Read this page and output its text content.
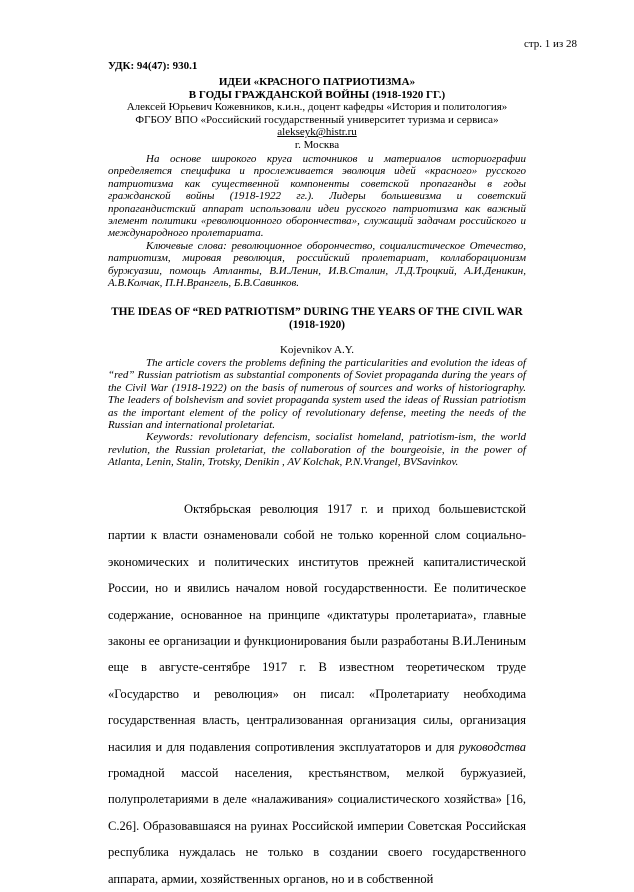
стр. 1 из 28
УДК: 94(47): 930.1
ИДЕИ «КРАСНОГО ПАТРИОТИЗМА»
В ГОДЫ ГРАЖДАНСКОЙ ВОЙНЫ (1918-1920 ГГ.)
Алексей Юрьевич Кожевников, к.и.н., доцент кафедры «История и политология»
ФГБОУ ВПО «Российский государственный университет туризма и сервиса»
alekseyk@histr.ru
г. Москва

На основе широкого круга источников и материалов историографии определяется специфика и прослеживается эволюция идей «красного» русского патриотизма как существенной компоненты советской пропаганды в годы гражданской войны (1918-1922 гг.). Лидеры большевизма и советский пропагандистский аппарат использовали идеи русского патриотизма как важный элемент политики «революционного оборончества», служащий задачам российского и международного пролетариата.

Ключевые слова: революционное оборончество, социалистическое Отечество, патриотизм, мировая революция, российский пролетариат, коллаборационизм буржуазии, помощь Атланты, В.И.Ленин, И.В.Сталин, Л.Д.Троцкий, А.И.Деникин, А.В.Колчак, П.Н.Врангель, Б.В.Савинков.

THE IDEAS OF “RED PATRIOTISM” DURING THE YEARS OF THE CIVIL WAR
(1918-1920)
Kojevnikov A.Y.

The article covers the problems defining the particularities and evolution the ideas of “red” Russian patriotism as substantial components of Soviet propaganda during the years of the Civil War (1918-1922) on the basis of numerous of sources and works of historiography. The leaders of bolshevism and soviet propaganda system used the ideas of Russian patriotism as the important element of the policy of revolutionary defense, meeting the needs of the Russian and international proletariat.

Keywords: revolutionary defencism, socialist homeland, patriotism-ism, the world revlution, the Russian proletariat, the collaboration of the bourgeoisie, in the power of Atlanta, Lenin, Stalin, Trotsky, Denikin , AV Kolchak, P.N.Vrangel, BVSavinkov.

Октябрьская революция 1917 г. и приход большевистской партии к власти ознаменовали собой не только коренной слом социально-экономических и политических институтов прежней капиталистической России, но и явились началом новой государственности. Ее политическое содержание, основанное на принципе «диктатуры пролетариата», главные законы ее организации и функционирования были разработаны В.И.Лениным еще в августе-сентябре 1917 г. В известном теоретическом труде «Государство и революция» он писал: «Пролетариату необходима государственная власть, централизованная организация силы, организация насилия и для подавления сопротивления эксплуататоров и для руководства громадной массой населения, крестьянством, мелкой буржуазией, полупролетариями в деле «налаживания» социалистического хозяйства» [16, С.26]. Образовавшаяся на руинах Российской империи Советская Российская республика нуждалась не только в создании своего государственного аппарата, армии, хозяйственных органов, но и в собственной
